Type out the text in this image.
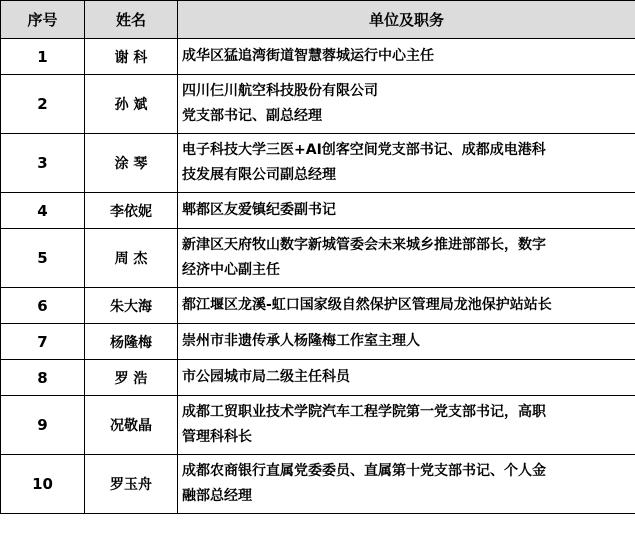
序号	姓名	单位及职务
1	谢 科	成华区猛追湾街道智慧蓉城运行中心主任
2	孙 斌	四川仨川航空科技股份有限公司
党支部书记、副总经理
3	涂 琴	电子科技大学三医+AI创客空间党支部书记、成都成电港科
技发展有限公司副总经理
4	李依妮	郫都区友爱镇纪委副书记
5	周 杰	新津区天府牧山数字新城管委会未来城乡推进部部长，数字
经济中心副主任
6	朱大海	都江堰区龙溪-虹口国家级自然保护区管理局龙池保护站站长
7	杨隆梅	崇州市非遗传承人杨隆梅工作室主理人
8	罗 浩	市公园城市局二级主任科员
9	况敬晶	成都工贸职业技术学院汽车工程学院第一党支部书记，高职
管理科科长
10	罗玉舟	成都农商银行直属党委委员、直属第十党支部书记、个人金
融部总经理
